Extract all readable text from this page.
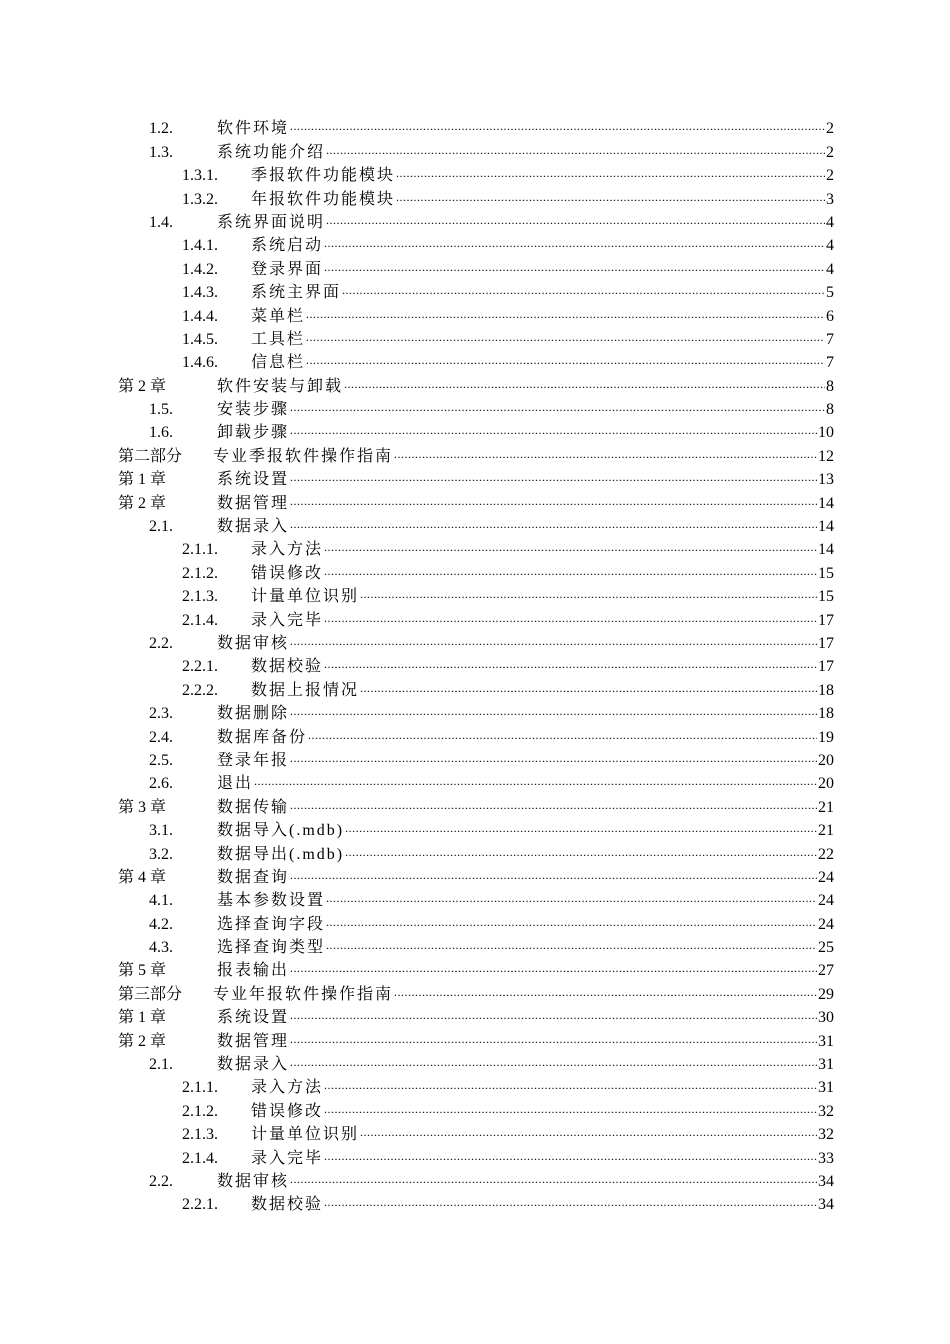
1.2.	软件环境 .....	2
1.3.	系统功能介绍 .....	2
1.3.1.	季报软件功能模块 .....	2
1.3.2.	年报软件功能模块 .....	3
1.4.	系统界面说明 .....	4
1.4.1.	系统启动 .....	4
1.4.2.	登录界面 .....	4
1.4.3.	系统主界面 .....	5
1.4.4.	菜单栏 .....	6
1.4.5.	工具栏 .....	7
1.4.6.	信息栏 .....	7
第 2 章	软件安装与卸载 .....	8
1.5.	安装步骤 .....	8
1.6.	卸载步骤 .....	10
第二部分	专业季报软件操作指南 .....	12
第 1 章	系统设置 .....	13
第 2 章	数据管理 .....	14
2.1.	数据录入 .....	14
2.1.1.	录入方法 .....	14
2.1.2.	错误修改 .....	15
2.1.3.	计量单位识别 .....	15
2.1.4.	录入完毕 .....	17
2.2.	数据审核 .....	17
2.2.1.	数据校验 .....	17
2.2.2.	数据上报情况 .....	18
2.3.	数据删除 .....	18
2.4.	数据库备份 .....	19
2.5.	登录年报 .....	20
2.6.	退出 .....	20
第 3 章	数据传输 .....	21
3.1.	数据导入(.mdb) .....	21
3.2.	数据导出(.mdb) .....	22
第 4 章	数据查询 .....	24
4.1.	基本参数设置 .....	24
4.2.	选择查询字段 .....	24
4.3.	选择查询类型 .....	25
第 5 章	报表输出 .....	27
第三部分	专业年报软件操作指南 .....	29
第 1 章	系统设置 .....	30
第 2 章	数据管理 .....	31
2.1.	数据录入 .....	31
2.1.1.	录入方法 .....	31
2.1.2.	错误修改 .....	32
2.1.3.	计量单位识别 .....	32
2.1.4.	录入完毕 .....	33
2.2.	数据审核 .....	34
2.2.1.	数据校验 .....	34
